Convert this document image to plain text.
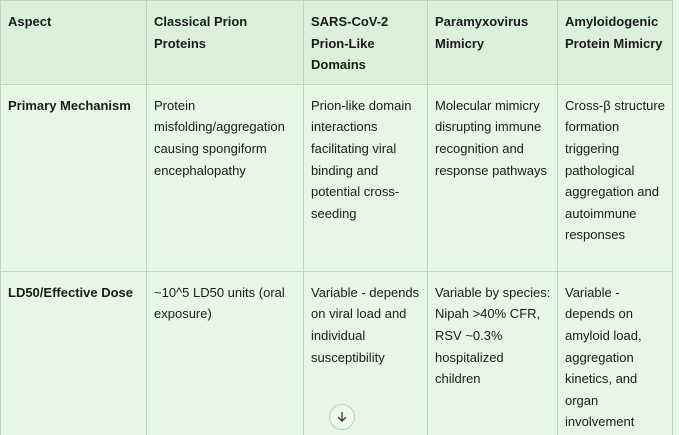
Aspect	Classical Prion Proteins	SARS-CoV-2 Prion-Like Domains	Paramyxovirus Mimicry	Amyloidogenic Protein Mimicry
Primary Mechanism	Protein misfolding/aggregation causing spongiform encephalopathy	Prion-like domain interactions facilitating viral binding and potential cross-seeding	Molecular mimicry disrupting immune recognition and response pathways	Cross-β structure formation triggering pathological aggregation and autoimmune responses
LD50/Effective Dose	~10^5 LD50 units (oral exposure)	Variable - depends on viral load and individual susceptibility	Variable by species: Nipah >40% CFR, RSV ~0.3% hospitalized children	Variable - depends on amyloid load, aggregation kinetics, and organ involvement
